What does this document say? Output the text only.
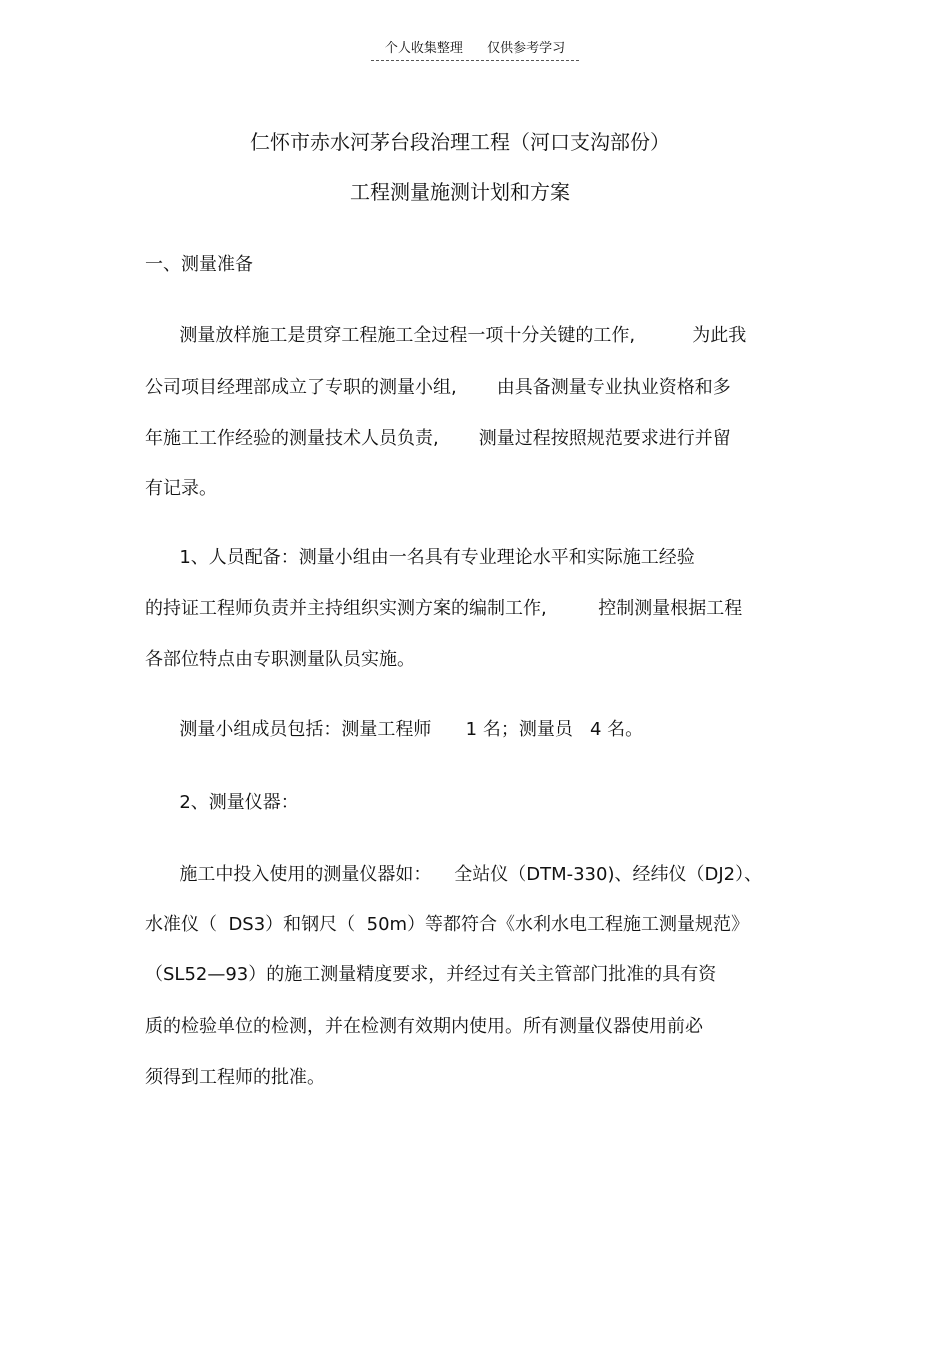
个人收集整理 仅供参考学习
仁怀市赤水河茅台段治理工程（河口支沟部份）
工程测量施测计划和方案
一、测量准备
测量放样施工是贯穿工程施工全过程一项十分关键的工作,          为此我
公司项目经理部成立了专职的测量小组,       由具备测量专业执业资格和多
年施工工作经验的测量技术人员负责,       测量过程按照规范要求进行并留
有记录。
1、人员配备：测量小组由一名具有专业理论水平和实际施工经验
的持证工程师负责并主持组织实测方案的编制工作,         控制测量根据工程
各部位特点由专职测量队员实施。
测量小组成员包括：测量工程师      1 名；测量员   4 名。
2、测量仪器：
施工中投入使用的测量仪器如：    全站仪（DTM-330)、经纬仪（DJ2）、
水准仪（  DS3）和钢尺（  50m）等都符合《水利水电工程施工测量规范》
（SL52—93）的施工测量精度要求，并经过有关主管部门批准的具有资
质的检验单位的检测，并在检测有效期内使用。所有测量仪器使用前必
须得到工程师的批准。
